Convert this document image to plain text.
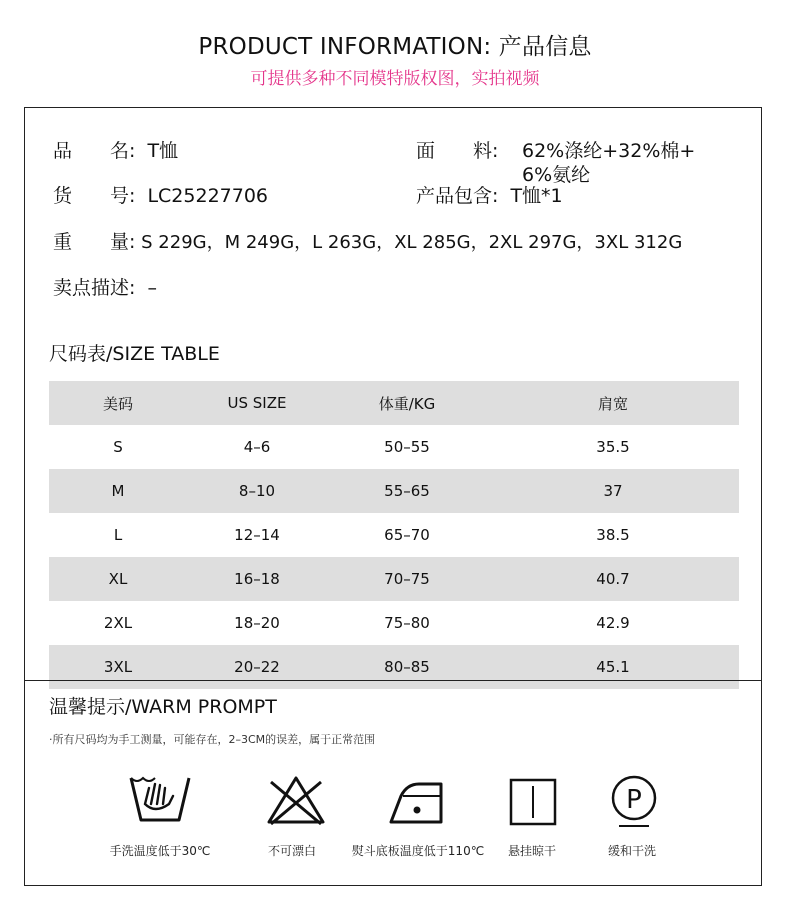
PRODUCT INFORMATION: 产品信息
可提供多种不同模特版权图，实拍视频
品　　名: T恤	面　　料: 62%涤纶+32%棉+
6%氨纶
货　　号: LC25227706	产品包含: T恤*1
重　　量: S 229G，M 249G，L 263G，XL 285G，2XL 297G，3XL 312G
卖点描述: –
尺码表/SIZE TABLE
美码	US SIZE	体重/KG	肩宽
S	4–6	50–55	35.5
M	8–10	55–65	37
L	12–14	65–70	38.5
XL	16–18	70–75	40.7
2XL	18–20	75–80	42.9
3XL	20–22	80–85	45.1
温馨提示/WARM PROMPT
·所有尺码均为手工测量，可能存在，2–3CM的误差，属于正常范围
P
手洗温度低于30℃	不可漂白	熨斗底板温度低于110℃	悬挂晾干	缓和干洗
